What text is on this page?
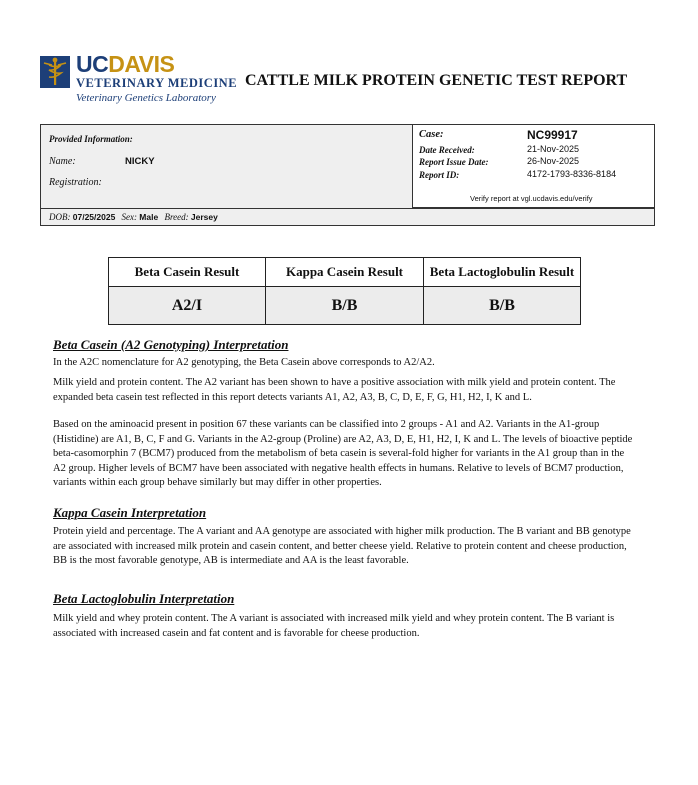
UCDAVIS
VETERINARY MEDICINE
Veterinary Genetics Laboratory
CATTLE MILK PROTEIN GENETIC TEST REPORT
Provided Information:
Name:	NICKY
Registration:
Case:	NC99917
Date Received:	21-Nov-2025
Report Issue Date:	26-Nov-2025
Report ID:	4172-1793-8336-8184
Verify report at vgl.ucdavis.edu/verify
DOB: 07/25/2025 Sex: Male Breed: Jersey
Beta Casein Result	Kappa Casein Result	Beta Lactoglobulin Result
A2/I	B/B	B/B
Beta Casein (A2 Genotyping) Interpretation
In the A2C nomenclature for A2 genotyping, the Beta Casein above corresponds to A2/A2.
Milk yield and protein content. The A2 variant has been shown to have a positive association with milk yield and protein content. The expanded beta casein test reflected in this report detects variants A1, A2, A3, B, C, D, E, F, G, H1, H2, I, K and L.
Based on the aminoacid present in position 67 these variants can be classified into 2 groups - A1 and A2. Variants in the A1-group (Histidine) are A1, B, C, F and G. Variants in the A2-group (Proline) are A2, A3, D, E, H1, H2, I, K and L. The levels of bioactive peptide beta-casomorphin 7 (BCM7) produced from the metabolism of beta casein is several-fold higher for variants in the A1 group than in the A2 group. Higher levels of BCM7 have been associated with negative health effects in humans. Relative to levels of BCM7 production, variants within each group behave similarly but may differ in other properties.
Kappa Casein Interpretation
Protein yield and percentage. The A variant and AA genotype are associated with higher milk production. The B variant and BB genotype are associated with increased milk protein and casein content, and better cheese yield. Relative to protein content and cheese production, BB is the most favorable genotype, AB is intermediate and AA is the least favorable.
Beta Lactoglobulin Interpretation
Milk yield and whey protein content. The A variant is associated with increased milk yield and whey protein content. The B variant is associated with increased casein and fat content and is favorable for cheese production.
